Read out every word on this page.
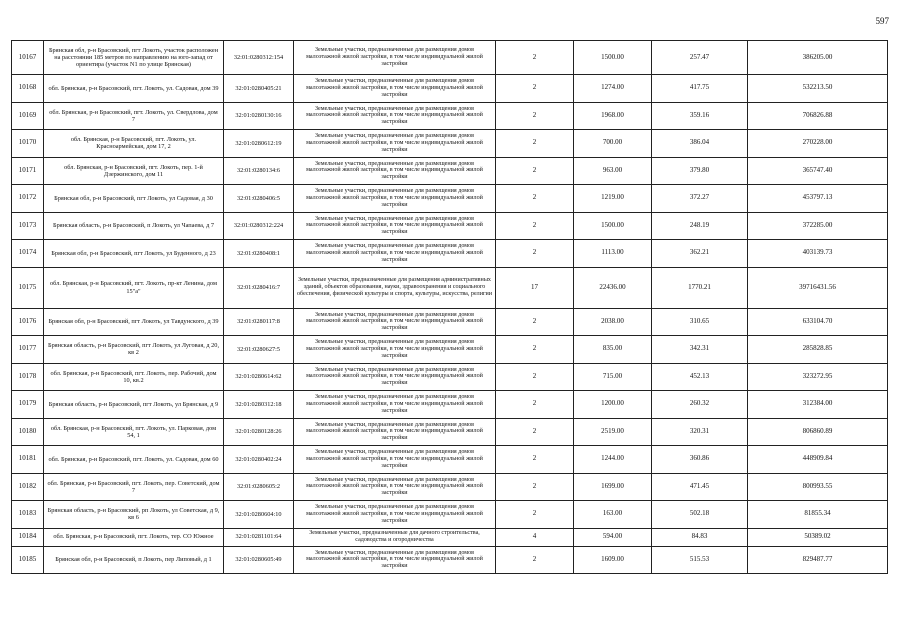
597
10167	Брянская обл, р-н Брасовский, пгт Локоть, участок расположен на расстоянии 185 метров по направлению на юго-запад от ориентира (участок N1 по улице Брянская)	32:01:0280312:154	Земельные участки, предназначенные для размещения домов малоэтажной жилой застройки, в том числе индивидуальной жилой застройки	2	1500.00	257.47	386205.00
10168	обл. Брянская, р-н Брасовский, пгт. Локоть, ул. Садовая, дом 39	32:01:0280405:21	Земельные участки, предназначенные для размещения домов малоэтажной жилой застройки, в том числе индивидуальной жилой застройки	2	1274.00	417.75	532213.50
10169	обл. Брянская, р-н Брасовский, пгт. Локоть, ул. Свердлова, дом 7	32:01:0280130:16	Земельные участки, предназначенные для размещения домов малоэтажной жилой застройки, в том числе индивидуальной жилой застройки	2	1968.00	359.16	706826.88
10170	обл. Брянская, р-н Брасовский, пгт. Локоть, ул. Красноармейская, дом 17, 2	32:01:0280612:19	Земельные участки, предназначенные для размещения домов малоэтажной жилой застройки, в том числе индивидуальной жилой застройки	2	700.00	386.04	270228.00
10171	обл. Брянская, р-н Брасовский, пгт. Локоть, пер. 1-й Дзержинского, дом 11	32:01:0280134:6	Земельные участки, предназначенные для размещения домов малоэтажной жилой застройки, в том числе индивидуальной жилой застройки	2	963.00	379.80	365747.40
10172	Брянская обл, р-н Брасовский, пгт Локоть, ул Садовая, д 30	32:01:0280406:5	Земельные участки, предназначенные для размещения домов малоэтажной жилой застройки, в том числе индивидуальной жилой застройки	2	1219.00	372.27	453797.13
10173	Брянская область, р-н Брасовский, п Локоть, ул Чапаева, д 7	32:01:0280312:224	Земельные участки, предназначенные для размещения домов малоэтажной жилой застройки, в том числе индивидуальной жилой застройки	2	1500.00	248.19	372285.00
10174	Брянская обл, р-н Брасовский, пгт Локоть, ул Буденного, д 23	32:01:0280408:1	Земельные участки, предназначенные для размещения домов малоэтажной жилой застройки, в том числе индивидуальной жилой застройки	2	1113.00	362.21	403139.73
10175	обл. Брянская, р-н Брасовский, пгт. Локоть, пр-кт Ленина, дом 15"а"	32:01:0280416:7	Земельные участки, предназначенные для размещения административных зданий, объектов образования, науки, здравоохранения и социального обеспечения, физической культуры и спорта, культуры, искусства, религии	17	22436.00	1770.21	39716431.56
10176	Брянская обл, р-н Брасовский, пгт Локоть, ул Тавдунского, д 39	32:01:0280117:8	Земельные участки, предназначенные для размещения домов малоэтажной жилой застройки, в том числе индивидуальной жилой застройки	2	2038.00	310.65	633104.70
10177	Брянская область, р-н Брасовский, пгт Локоть, ул Луговая, д 20, кв 2	32:01:0280627:5	Земельные участки, предназначенные для размещения домов малоэтажной жилой застройки, в том числе индивидуальной жилой застройки	2	835.00	342.31	285828.85
10178	обл. Брянская, р-н Брасовский, пгт. Локоть, пер. Рабочий, дом 10, кв.2	32:01:0280614:62	Земельные участки, предназначенные для размещения домов малоэтажной жилой застройки, в том числе индивидуальной жилой застройки	2	715.00	452.13	323272.95
10179	Брянская область, р-н Брасовский, пгт Локоть, ул Брянская, д 9	32:01:0280312:18	Земельные участки, предназначенные для размещения домов малоэтажной жилой застройки, в том числе индивидуальной жилой застройки	2	1200.00	260.32	312384.00
10180	обл. Брянская, р-н Брасовский, пгт. Локоть, ул. Парковая, дом 54, 1	32:01:0280128:26	Земельные участки, предназначенные для размещения домов малоэтажной жилой застройки, в том числе индивидуальной жилой застройки	2	2519.00	320.31	806860.89
10181	обл. Брянская, р-н Брасовский, пгт. Локоть, ул. Садовая, дом 60	32:01:0280402:24	Земельные участки, предназначенные для размещения домов малоэтажной жилой застройки, в том числе индивидуальной жилой застройки	2	1244.00	360.86	448909.84
10182	обл. Брянская, р-н Брасовский, пгт. Локоть, пер. Советский, дом 7	32:01:0280605:2	Земельные участки, предназначенные для размещения домов малоэтажной жилой застройки, в том числе индивидуальной жилой застройки	2	1699.00	471.45	800993.55
10183	Брянская область, р-н Брасовский, рп Локоть, ул Советская, д 9, кв 6	32:01:0280604:10	Земельные участки, предназначенные для размещения домов малоэтажной жилой застройки, в том числе индивидуальной жилой застройки	2	163.00	502.18	81855.34
10184	обл. Брянская, р-н Брасовский, пгт. Локоть, тер. СО Южное	32:01:0281101:64	Земельные участки, предназначенные для дачного строительства, садоводства и огородничества	4	594.00	84.83	50389.02
10185	Брянская обл, р-н Брасовский, п Локоть, пер Липовый, д 1	32:01:0280605:49	Земельные участки, предназначенные для размещения домов малоэтажной жилой застройки, в том числе индивидуальной жилой застройки	2	1609.00	515.53	829487.77
